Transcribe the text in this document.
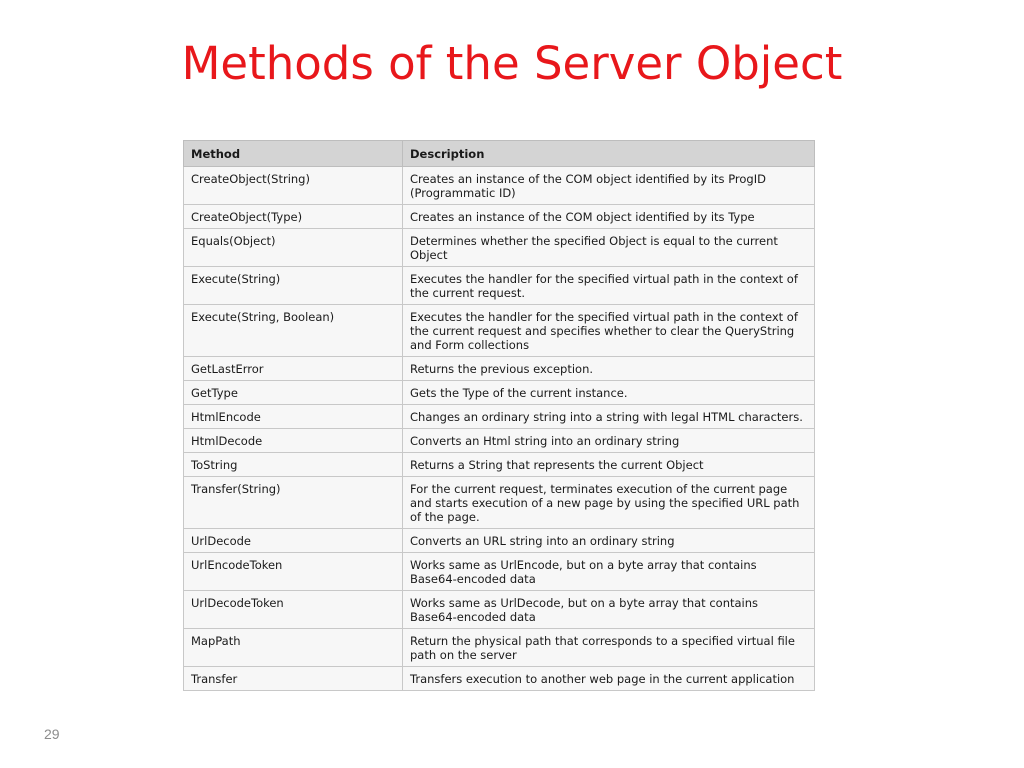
Methods of the Server Object
Method	Description
CreateObject(String)	Creates an instance of the COM object identified by its ProgID (Programmatic ID)
CreateObject(Type)	Creates an instance of the COM object identified by its Type
Equals(Object)	Determines whether the specified Object is equal to the current Object
Execute(String)	Executes the handler for the specified virtual path in the context of the current request.
Execute(String, Boolean)	Executes the handler for the specified virtual path in the context of the current request and specifies whether to clear the QueryString and Form collections
GetLastError	Returns the previous exception.
GetType	Gets the Type of the current instance.
HtmlEncode	Changes an ordinary string into a string with legal HTML characters.
HtmlDecode	Converts an Html string into an ordinary string
ToString	Returns a String that represents the current Object
Transfer(String)	For the current request, terminates execution of the current page and starts execution of a new page by using the specified URL path of the page.
UrlDecode	Converts an URL string into an ordinary string
UrlEncodeToken	Works same as UrlEncode, but on a byte array that contains Base64-encoded data
UrlDecodeToken	Works same as UrlDecode, but on a byte array that contains Base64-encoded data
MapPath	Return the physical path that corresponds to a specified virtual file path on the server
Transfer	Transfers execution to another web page in the current application
29
